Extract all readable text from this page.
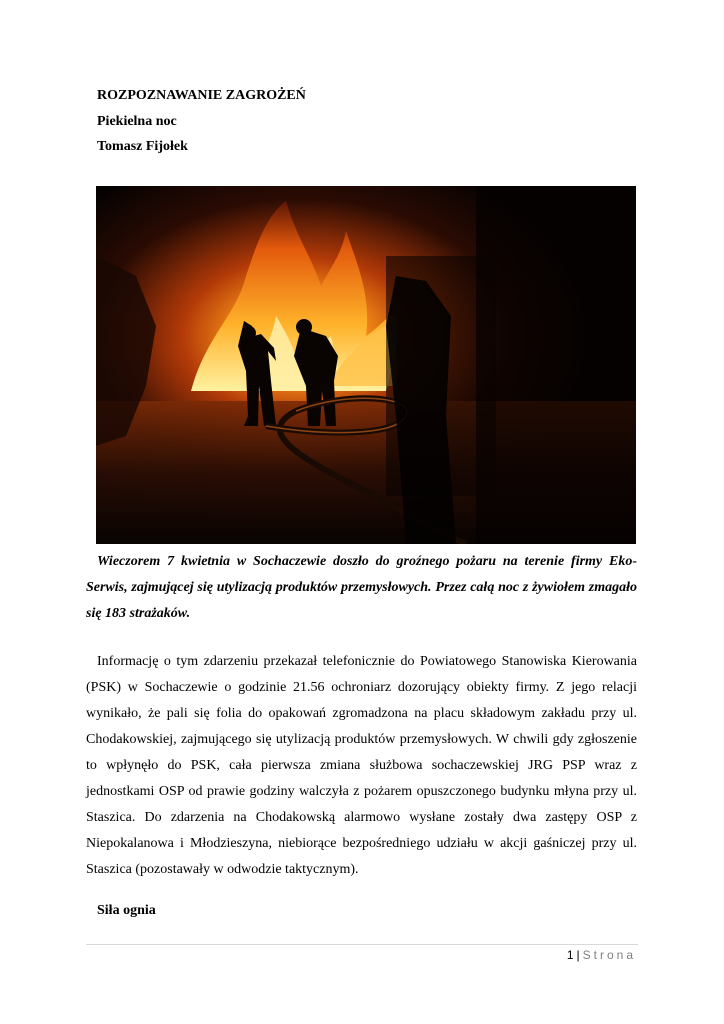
ROZPOZNAWANIE ZAGROŻEŃ
Piekielna noc
Tomasz Fijołek
Wieczorem 7 kwietnia w Sochaczewie doszło do groźnego pożaru na terenie firmy Eko-Serwis, zajmującej się utylizacją produktów przemysłowych. Przez całą noc z żywiołem zmagało się 183 strażaków.
Informację o tym zdarzeniu przekazał telefonicznie do Powiatowego Stanowiska Kierowania (PSK) w Sochaczewie o godzinie 21.56 ochroniarz dozorujący obiekty firmy. Z jego relacji wynikało, że pali się folia do opakowań zgromadzona na placu składowym zakładu przy ul. Chodakowskiej, zajmującego się utylizacją produktów przemysłowych. W chwili gdy zgłoszenie to wpłynęło do PSK, cała pierwsza zmiana służbowa sochaczewskiej JRG PSP wraz z jednostkami OSP od prawie godziny walczyła z pożarem opuszczonego budynku młyna przy ul. Staszica. Do zdarzenia na Chodakowską alarmowo wysłane zostały dwa zastępy OSP z Niepokalanowa i Młodzieszyna, niebiorące bezpośredniego udziału w akcji gaśniczej przy ul. Staszica (pozostawały w odwodzie taktycznym).
Siła ognia
1 | Strona
